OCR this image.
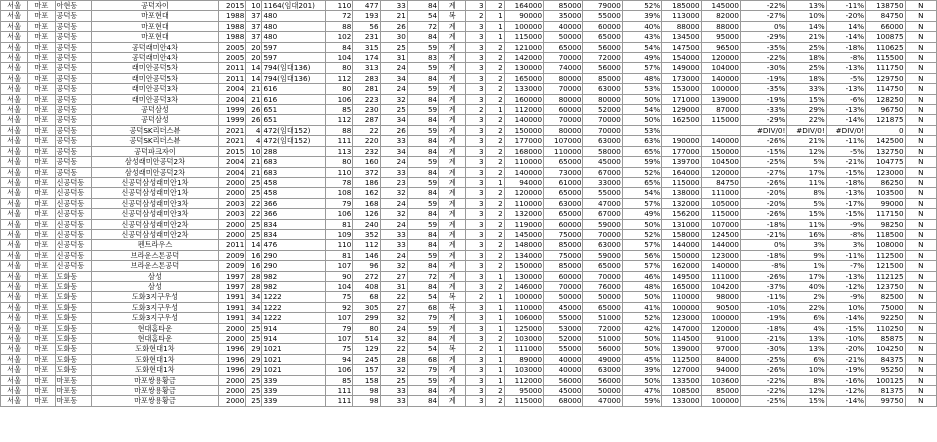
서울	마포	아현동	공덕자이	2015	10	1164(임대201)	110	477	33	84	계	3	2	164000	85000	79000	52%	185000	145000	-22%	13%	-11%	138750	N
서울	마포	공덕동	마포현대	1988	37	480	72	193	21	54	복	2	1	90000	35000	55000	39%	113000	82000	-27%	10%	-20%	84750	N
서울	마포	공덕동	마포현대	1988	37	480	88	56	26	72	계	3	1	100000	40000	60000	40%	88000	88000	0%	14%	14%	66000	N
서울	마포	공덕동	마포현대	1988	37	480	102	231	30	84	계	3	1	115000	50000	65000	43%	134500	95000	-29%	21%	-14%	100875	N
서울	마포	공덕동	공덕래미안4차	2005	20	597	84	315	25	59	계	3	2	121000	65000	56000	54%	147500	96500	-35%	25%	-18%	110625	N
서울	마포	공덕동	공덕래미안4차	2005	20	597	104	174	31	83	계	3	2	142000	70000	72000	49%	154000	120000	-22%	18%	-8%	115500	N
서울	마포	공덕동	래미안공덕5차	2011	14	794(임대136)	80	313	24	59	계	3	2	130000	74000	56000	57%	149000	104000	-30%	25%	-13%	111750	N
서울	마포	공덕동	래미안공덕5차	2011	14	794(임대136)	112	283	34	84	계	3	2	165000	80000	85000	48%	173000	140000	-19%	18%	-5%	129750	N
서울	마포	공덕동	래미안공덕3차	2004	21	616	80	281	24	59	계	3	2	133000	70000	63000	53%	153000	100000	-35%	33%	-13%	114750	N
서울	마포	공덕동	래미안공덕3차	2004	21	616	106	223	32	84	계	3	2	160000	80000	80000	50%	171000	139000	-19%	15%	-6%	128250	N
서울	마포	공덕동	공덕삼성	1999	26	651	85	230	25	59	계	2	1	112000	60000	52000	54%	129000	87000	-33%	29%	-13%	96750	N
서울	마포	공덕동	공덕삼성	1999	26	651	112	287	34	84	계	3	2	140000	70000	70000	50%	162500	115000	-29%	22%	-14%	121875	N
서울	마포	공덕동	공덕SK리더스뷰	2021	4	472(임대152)	88	22	26	59	계	3	2	150000	80000	70000	53%			#DIV/0!	#DIV/0!	#DIV/0!	0	N
서울	마포	공덕동	공덕SK리더스뷰	2021	4	472(임대152)	111	220	33	84	계	3	2	177000	107000	63000	63%	190000	140000	-26%	21%	-11%	142500	N
서울	마포	공덕동	공덕파크자이	2015	10	288	113	232	34	84	계	3	2	168000	110000	58000	65%	177000	150000	-15%	12%	-5%	132750	N
서울	마포	공덕동	삼성래미안공덕2차	2004	21	683	80	160	24	59	계	3	2	110000	65000	45000	59%	139700	104500	-25%	5%	-21%	104775	N
서울	마포	공덕동	삼성래미안공덕2차	2004	21	683	110	372	33	84	계	3	2	140000	73000	67000	52%	164000	120000	-27%	17%	-15%	123000	N
서울	마포	신공덕동	신공덕삼성래미안1차	2000	25	458	78	186	23	59	계	3	1	94000	61000	33000	65%	115000	84750	-26%	11%	-18%	86250	N
서울	마포	신공덕동	신공덕삼성래미안1차	2000	25	458	108	162	32	84	계	3	2	120000	65000	55000	54%	138000	111000	-20%	8%	-13%	103500	N
서울	마포	신공덕동	신공덕삼성래미안3차	2003	22	366	79	168	24	59	계	3	2	110000	63000	47000	57%	132000	105000	-20%	5%	-17%	99000	N
서울	마포	신공덕동	신공덕삼성래미안3차	2003	22	366	106	126	32	84	계	3	2	132000	65000	67000	49%	156200	115000	-26%	15%	-15%	117150	N
서울	마포	신공덕동	신공덕삼성래미안2차	2000	25	834	81	240	24	59	계	3	2	119000	60000	59000	50%	131000	107000	-18%	11%	-9%	98250	N
서울	마포	신공덕동	신공덕삼성래미안2차	2000	25	834	109	352	33	84	계	3	2	145000	75000	70000	52%	158000	124500	-21%	16%	-8%	118500	N
서울	마포	신공덕동	펜트라우스	2011	14	476	110	112	33	84	계	3	2	148000	85000	63000	57%	144000	144000	0%	3%	3%	108000	N
서울	마포	신공덕동	브라운스톤공덕	2009	16	290	81	146	24	59	계	3	2	134000	75000	59000	56%	150000	123000	-18%	9%	-11%	112500	N
서울	마포	신공덕동	브라운스톤공덕	2009	16	290	107	96	32	84	계	3	2	150000	85000	65000	57%	162000	140000	-8%	1%	-7%	121500	N
서울	마포	도화동	삼성	1997	28	982	90	272	27	72	계	3	1	130000	60000	70000	46%	149500	111000	-26%	17%	-13%	112125	N
서울	마포	도화동	삼성	1997	28	982	104	408	31	84	계	3	2	146000	70000	76000	48%	165000	104200	-37%	40%	-12%	123750	N
서울	마포	도화동	도화3지구우성	1991	34	1222	75	68	22	54	복	2	1	100000	50000	50000	50%	110000	98000	-11%	2%	-9%	82500	N
서울	마포	도화동	도화3지구우성	1991	34	1222	92	305	27	68	복	3	1	110000	45000	65000	41%	100000	90500	-10%	22%	10%	75000	N
서울	마포	도화동	도화3지구우성	1991	34	1222	107	299	32	79	계	3	1	106000	55000	51000	52%	123000	100000	-19%	6%	-14%	92250	N
서울	마포	도화동	현대홈타운	2000	25	914	79	80	24	59	계	3	1	125000	53000	72000	42%	147000	120000	-18%	4%	-15%	110250	N
서울	마포	도화동	현대홈타운	2000	25	914	107	514	32	84	계	3	2	103000	52000	51000	50%	114500	91000	-21%	13%	-10%	85875	N
서울	마포	도화동	도화현대1차	1996	29	1021	75	129	22	54	복	2	1	111000	55000	56000	50%	139000	97000	-30%	13%	-20%	104250	N
서울	마포	도화동	도화현대1차	1996	29	1021	94	245	28	68	계	3	1	89000	40000	49000	45%	112500	84000	-25%	6%	-21%	84375	N
서울	마포	도화동	도화현대1차	1996	29	1021	106	157	32	79	계	3	1	103000	40000	63000	39%	127000	94000	-26%	10%	-19%	95250	N
서울	마포	마포동	마포쌍용황금	2000	25	339	85	158	25	59	계	3	1	112000	56000	56000	50%	133500	103600	-22%	8%	-16%	100125	N
서울	마포	마포동	마포쌍용황금	2000	25	339	111	98	33	84	계	3	2	95000	45000	50000	47%	108500	85000	-22%	12%	-12%	81375	N
서울	마포	마포동	마포쌍용황금	2000	25	339	111	98	33	84	계	3	2	115000	68000	47000	59%	133000	100000	-25%	15%	-14%	99750	N
